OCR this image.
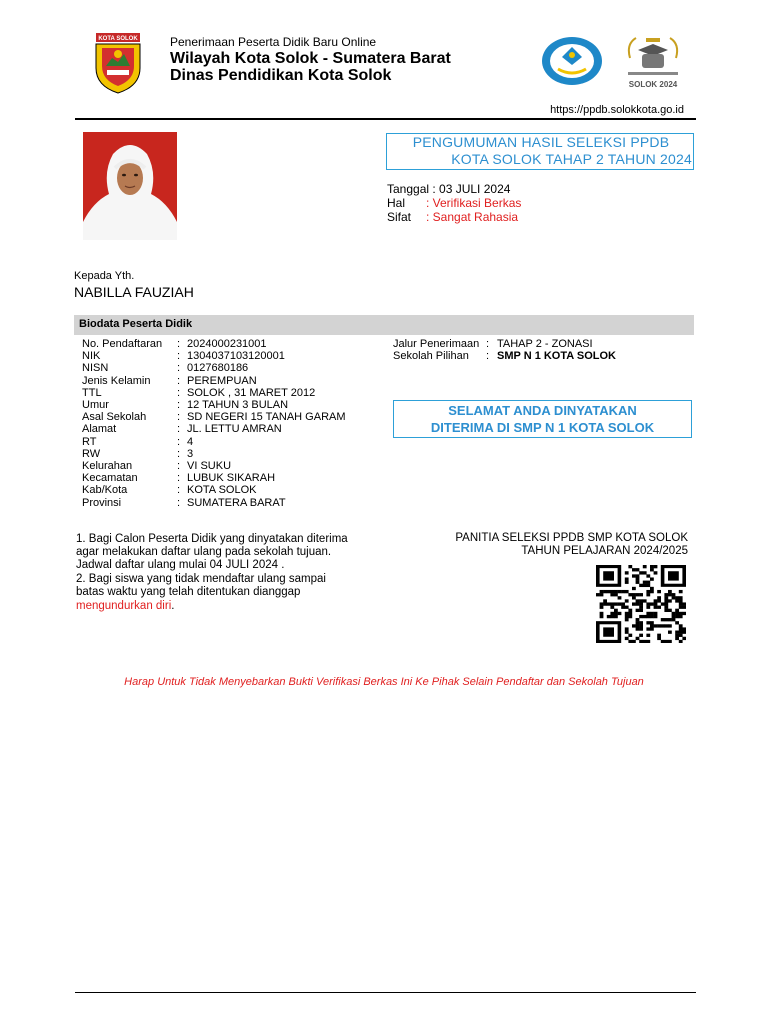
KOTA SOLOK	Penerimaan Peserta Didik Baru Online
Wilayah Kota Solok - Sumatera Barat
Dinas Pendidikan Kota Solok
SOLOK 2024
https://ppdb.solokkota.go.id
PENGUMUMAN HASIL SELEKSI PPDB
KOTA SOLOK TAHAP 2 TAHUN 2024
Tanggal : 03 JULI 2024
Hal : Verifikasi Berkas
Sifat : Sangat Rahasia
Kepada Yth.
NABILLA FAUZIAH
Biodata Peserta Didik
No. Pendaftaran : 2024000231001
NIK	: 1304037103120001
NISN	: 0127680186
Jenis Kelamin : PEREMPUAN
TTL	: SOLOK , 31 MARET 2012
Umur	: 12 TAHUN 3 BULAN
Asal Sekolah	: SD NEGERI 15 TANAH GARAM
Alamat	: JL. LETTU AMRAN
RT	: 4
RW	: 3
Kelurahan	: VI SUKU
Kecamatan	: LUBUK SIKARAH
Kab/Kota	: KOTA SOLOK
Provinsi	: SUMATERA BARAT
Jalur Penerimaan : TAHAP 2 - ZONASI
Sekolah Pilihan : SMP N 1 KOTA SOLOK
SELAMAT ANDA DINYATAKAN
DITERIMA DI SMP N 1 KOTA SOLOK
1. Bagi Calon Peserta Didik yang dinyatakan diterima
agar melakukan daftar ulang pada sekolah tujuan.
Jadwal daftar ulang mulai 04 JULI 2024 .
2. Bagi siswa yang tidak mendaftar ulang sampai
batas waktu yang telah ditentukan dianggap
mengundurkan diri.
PANITIA SELEKSI PPDB SMP KOTA SOLOK
TAHUN PELAJARAN 2024/2025
Harap Untuk Tidak Menyebarkan Bukti Verifikasi Berkas Ini Ke Pihak Selain Pendaftar dan Sekolah Tujuan
